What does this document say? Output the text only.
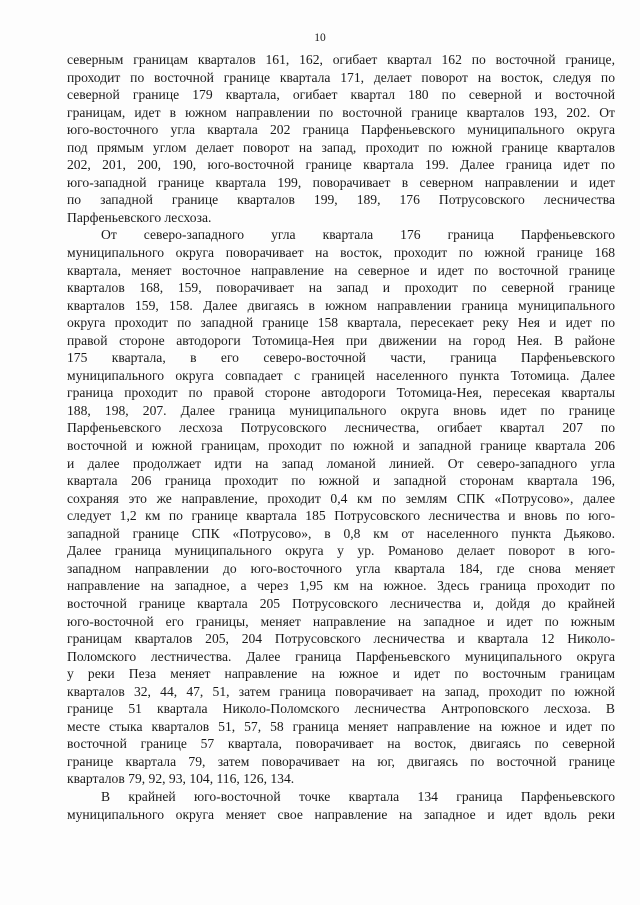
10
северным границам кварталов 161, 162, огибает квартал 162 по восточной границе,
проходит по восточной границе квартала 171, делает поворот на восток, следуя по
северной границе 179 квартала, огибает квартал 180 по северной и восточной
границам, идет в южном направлении по восточной границе кварталов 193, 202. От
юго-восточного угла квартала 202 граница Парфеньевского муниципального округа
под прямым углом делает поворот на запад, проходит по южной границе кварталов
202, 201, 200, 190, юго-восточной границе квартала 199. Далее граница идет по
юго-западной границе квартала 199, поворачивает в северном направлении и идет
по западной границе кварталов 199, 189, 176 Потрусовского лесничества
Парфеньевского лесхоза.
От северо-западного угла квартала 176 граница Парфеньевского
муниципального округа поворачивает на восток, проходит по южной границе 168
квартала, меняет восточное направление на северное и идет по восточной границе
кварталов 168, 159, поворачивает на запад и проходит по северной границе
кварталов 159, 158. Далее двигаясь в южном направлении граница муниципального
округа проходит по западной границе 158 квартала, пересекает реку Нея и идет по
правой стороне автодороги Тотомица-Нея при движении на город Нея. В районе
175 квартала, в его северо-восточной части, граница Парфеньевского
муниципального округа совпадает с границей населенного пункта Тотомица. Далее
граница проходит по правой стороне автодороги Тотомица-Нея, пересекая кварталы
188, 198, 207. Далее граница муниципального округа вновь идет по границе
Парфеньевского лесхоза Потрусовского лесничества, огибает квартал 207 по
восточной и южной границам, проходит по южной и западной границе квартала 206
и далее продолжает идти на запад ломаной линией. От северо-западного угла
квартала 206 граница проходит по южной и западной сторонам квартала 196,
сохраняя это же направление, проходит 0,4 км по землям СПК «Потрусово», далее
следует 1,2 км по границе квартала 185 Потрусовского лесничества и вновь по юго-
западной границе СПК «Потрусово», в 0,8 км от населенного пункта Дьяково.
Далее граница муниципального округа у ур. Романово делает поворот в юго-
западном направлении до юго-восточного угла квартала 184, где снова меняет
направление на западное, а через 1,95 км на южное. Здесь граница проходит по
восточной границе квартала 205 Потрусовского лесничества и, дойдя до крайней
юго-восточной его границы, меняет направление на западное и идет по южным
границам кварталов 205, 204 Потрусовского лесничества и квартала 12 Николо-
Поломского лестничества. Далее граница Парфеньевского муниципального округа
у реки Пеза меняет направление на южное и идет по восточным границам
кварталов 32, 44, 47, 51, затем граница поворачивает на запад, проходит по южной
границе 51 квартала Николо-Поломского лесничества Антроповского лесхоза. В
месте стыка кварталов 51, 57, 58 граница меняет направление на южное и идет по
восточной границе 57 квартала, поворачивает на восток, двигаясь по северной
границе квартала 79, затем поворачивает на юг, двигаясь по восточной границе
кварталов 79, 92, 93, 104, 116, 126, 134.
В крайней юго-восточной точке квартала 134 граница Парфеньевского
муниципального округа меняет свое направление на западное и идет вдоль реки
